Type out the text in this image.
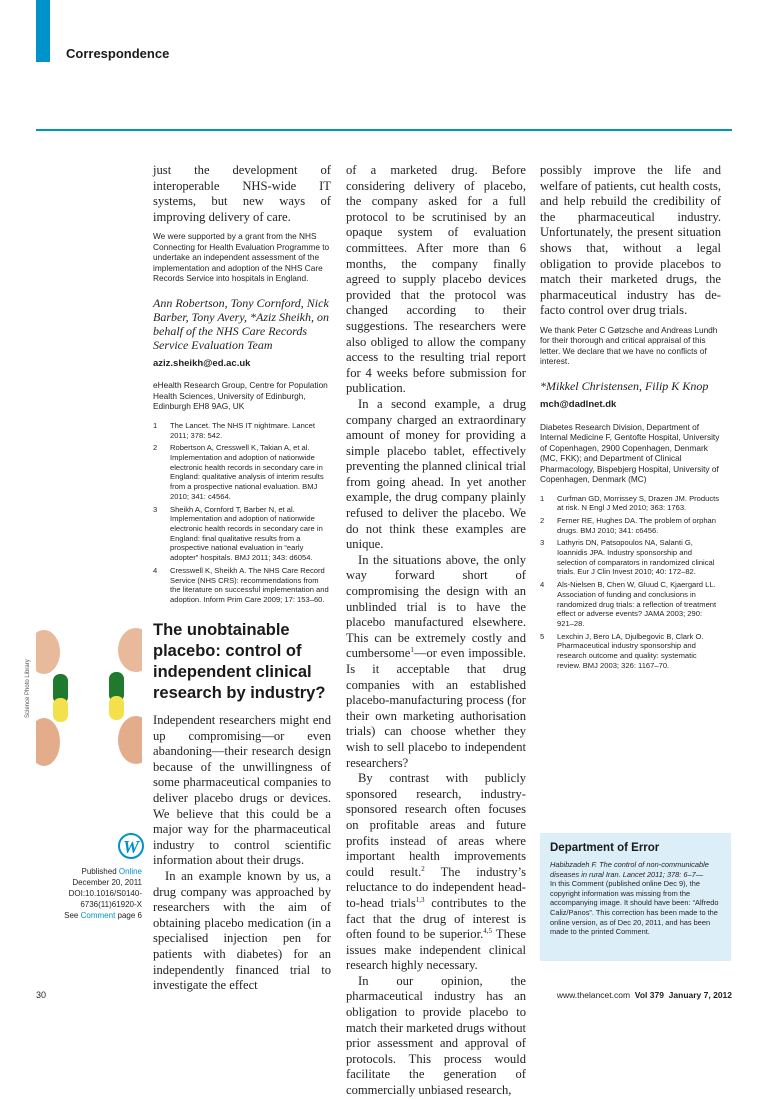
Correspondence

just the development of interoperable NHS-wide IT systems, but new ways of improving delivery of care.

We were supported by a grant from the NHS Connecting for Health Evaluation Programme to undertake an independent assessment of the implementation and adoption of the NHS Care Records Service into hospitals in England.

Ann Robertson, Tony Cornford, Nick Barber, Tony Avery, *Aziz Sheikh, on behalf of the NHS Care Records Service Evaluation Team
aziz.sheikh@ed.ac.uk
eHealth Research Group, Centre for Population Health Sciences, University of Edinburgh, Edinburgh EH8 9AG, UK
1	The Lancet. The NHS IT nightmare. Lancet 2011; 378: 542.
2	Robertson A, Cresswell K, Takian A, et al. Implementation and adoption of nationwide electronic health records in secondary care in England: qualitative analysis of interim results from a prospective national evaluation. BMJ 2010; 341: c4564.
3	Sheikh A, Cornford T, Barber N, et al. Implementation and adoption of nationwide electronic health records in secondary care in England: final qualitative results from a prospective national evaluation in “early adopter” hospitals. BMJ 2011; 343: d6054.
4	Cresswell K, Sheikh A. The NHS Care Record Service (NHS CRS): recommendations from the literature on successful implementation and adoption. Inform Prim Care 2009; 17: 153–60.
The unobtainable placebo: control of independent clinical research by industry?

Independent researchers might end up compromising—or even abandoning—their research design because of the unwillingness of some pharmaceutical companies to deliver placebo drugs or devices. We believe that this could be a major way for the pharmaceutical industry to control scientific information about their drugs.

In an example known by us, a drug company was approached by researchers with the aim of obtaining placebo medication (in a specialised injection pen for patients with diabetes) for an independently financed trial to investigate the effect

of a marketed drug. Before considering delivery of placebo, the company asked for a full protocol to be scrutinised by an opaque system of evaluation committees. After more than 6 months, the company finally agreed to supply placebo devices provided that the protocol was changed according to their suggestions. The researchers were also obliged to allow the company access to the resulting trial report for 4 weeks before submission for publication.

In a second example, a drug company charged an extraordinary amount of money for providing a simple placebo tablet, effectively preventing the planned clinical trial from going ahead. In yet another example, the drug company plainly refused to deliver the placebo. We do not think these examples are unique.

In the situations above, the only way forward short of compromising the design with an unblinded trial is to have the placebo manufactured elsewhere. This can be extremely costly and cumbersome$^1$—or even impossible. Is it acceptable that drug companies with an established placebo-manufacturing process (for their own marketing authorisation trials) can choose whether they wish to sell placebo to independent researchers?

By contrast with publicly sponsored research, industry-sponsored research often focuses on profitable areas and future profits instead of areas where important health improvements could result.$^2$ The industry’s reluctance to do independent head-to-head trials$^{1,3}$ contributes to the fact that the drug of interest is often found to be superior.$^{4,5}$ These issues make independent clinical research highly necessary.

In our opinion, the pharmaceutical industry has an obligation to provide placebo to match their marketed drugs without prior assessment and approval of protocols. This process would facilitate the generation of commercially unbiased research,

possibly improve the life and welfare of patients, cut health costs, and help rebuild the credibility of the pharmaceutical industry. Unfortunately, the present situation shows that, without a legal obligation to provide placebos to match their marketed drugs, the pharmaceutical industry has de-facto control over drug trials.

We thank Peter C Gøtzsche and Andreas Lundh for their thorough and critical appraisal of this letter. We declare that we have no conflicts of interest.

*Mikkel Christensen, Filip K Knop
mch@dadlnet.dk
Diabetes Research Division, Department of Internal Medicine F, Gentofte Hospital, University of Copenhagen, 2900 Copenhagen, Denmark (MC, FKK); and Department of Clinical Pharmacology, Bispebjerg Hospital, University of Copenhagen, Denmark (MC)
1	Curfman GD, Morrissey S, Drazen JM. Products at risk. N Engl J Med 2010; 363: 1763.
2	Ferner RE, Hughes DA. The problem of orphan drugs. BMJ 2010; 341: c6456.
3	Lathyris DN, Patsopoulos NA, Salanti G, Ioannidis JPA. Industry sponsorship and selection of comparators in randomized clinical trials. Eur J Clin Invest 2010; 40: 172–82.
4	Als-Nielsen B, Chen W, Gluud C, Kjaergard LL. Association of funding and conclusions in randomized drug trials: a reflection of treatment effect or adverse events? JAMA 2003; 290: 921–28.
5	Lexchin J, Bero LA, Djulbegovic B, Clark O. Pharmaceutical industry sponsorship and research outcome and quality: systematic review. BMJ 2003; 326: 1167–70.
Science Photo Library
W
Published Online
December 20, 2011
DOI:10.1016/S0140-
6736(11)61920-X
See Comment page 6
Department of Error
Habibzadeh F. The control of non-communicable diseases in rural Iran. Lancet 2011; 378: 6–7—
In this Comment (published online Dec 9), the copyright information was missing from the accompanying image. It should have been: “Alfredo Caliz/Panos”. This correction has been made to the online version, as of Dec 20, 2011, and has been made to the printed Comment.
30	www.thelancet.com Vol 379 January 7, 2012
